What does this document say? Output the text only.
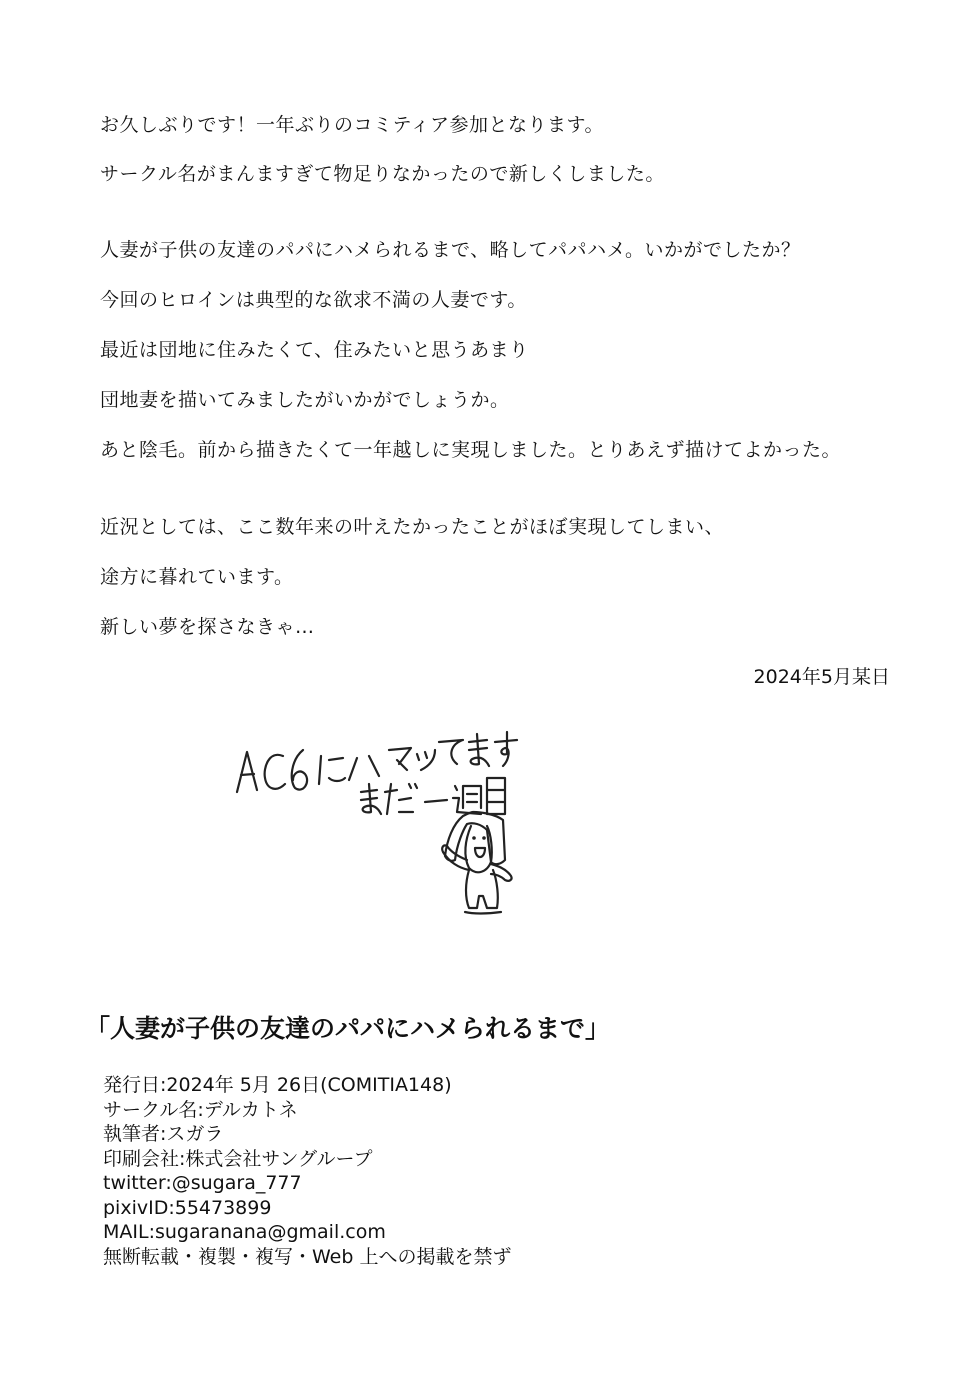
お久しぶりです！一年ぶりのコミティア参加となります。
サークル名がまんますぎて物足りなかったので新しくしました。
人妻が子供の友達のパパにハメられるまで、略してパパハメ。いかがでしたか？
今回のヒロインは典型的な欲求不満の人妻です。
最近は団地に住みたくて、住みたいと思うあまり
団地妻を描いてみましたがいかがでしょうか。
あと陰毛。前から描きたくて一年越しに実現しました。とりあえず描けてよかった。
近況としては、ここ数年来の叶えたかったことがほぼ実現してしまい、
途方に暮れています。
新しい夢を探さなきゃ…
2024年5月某日
「人妻が子供の友達のパパにハメられるまで」
発行日:2024年 5月 26日(COMITIA148)
サークル名:デルカトネ
執筆者:スガラ
印刷会社:株式会社サングループ
twitter:@sugara_777
pixivID:55473899
MAIL:sugaranana@gmail.com
無断転載・複製・複写・Web 上への掲載を禁ず
